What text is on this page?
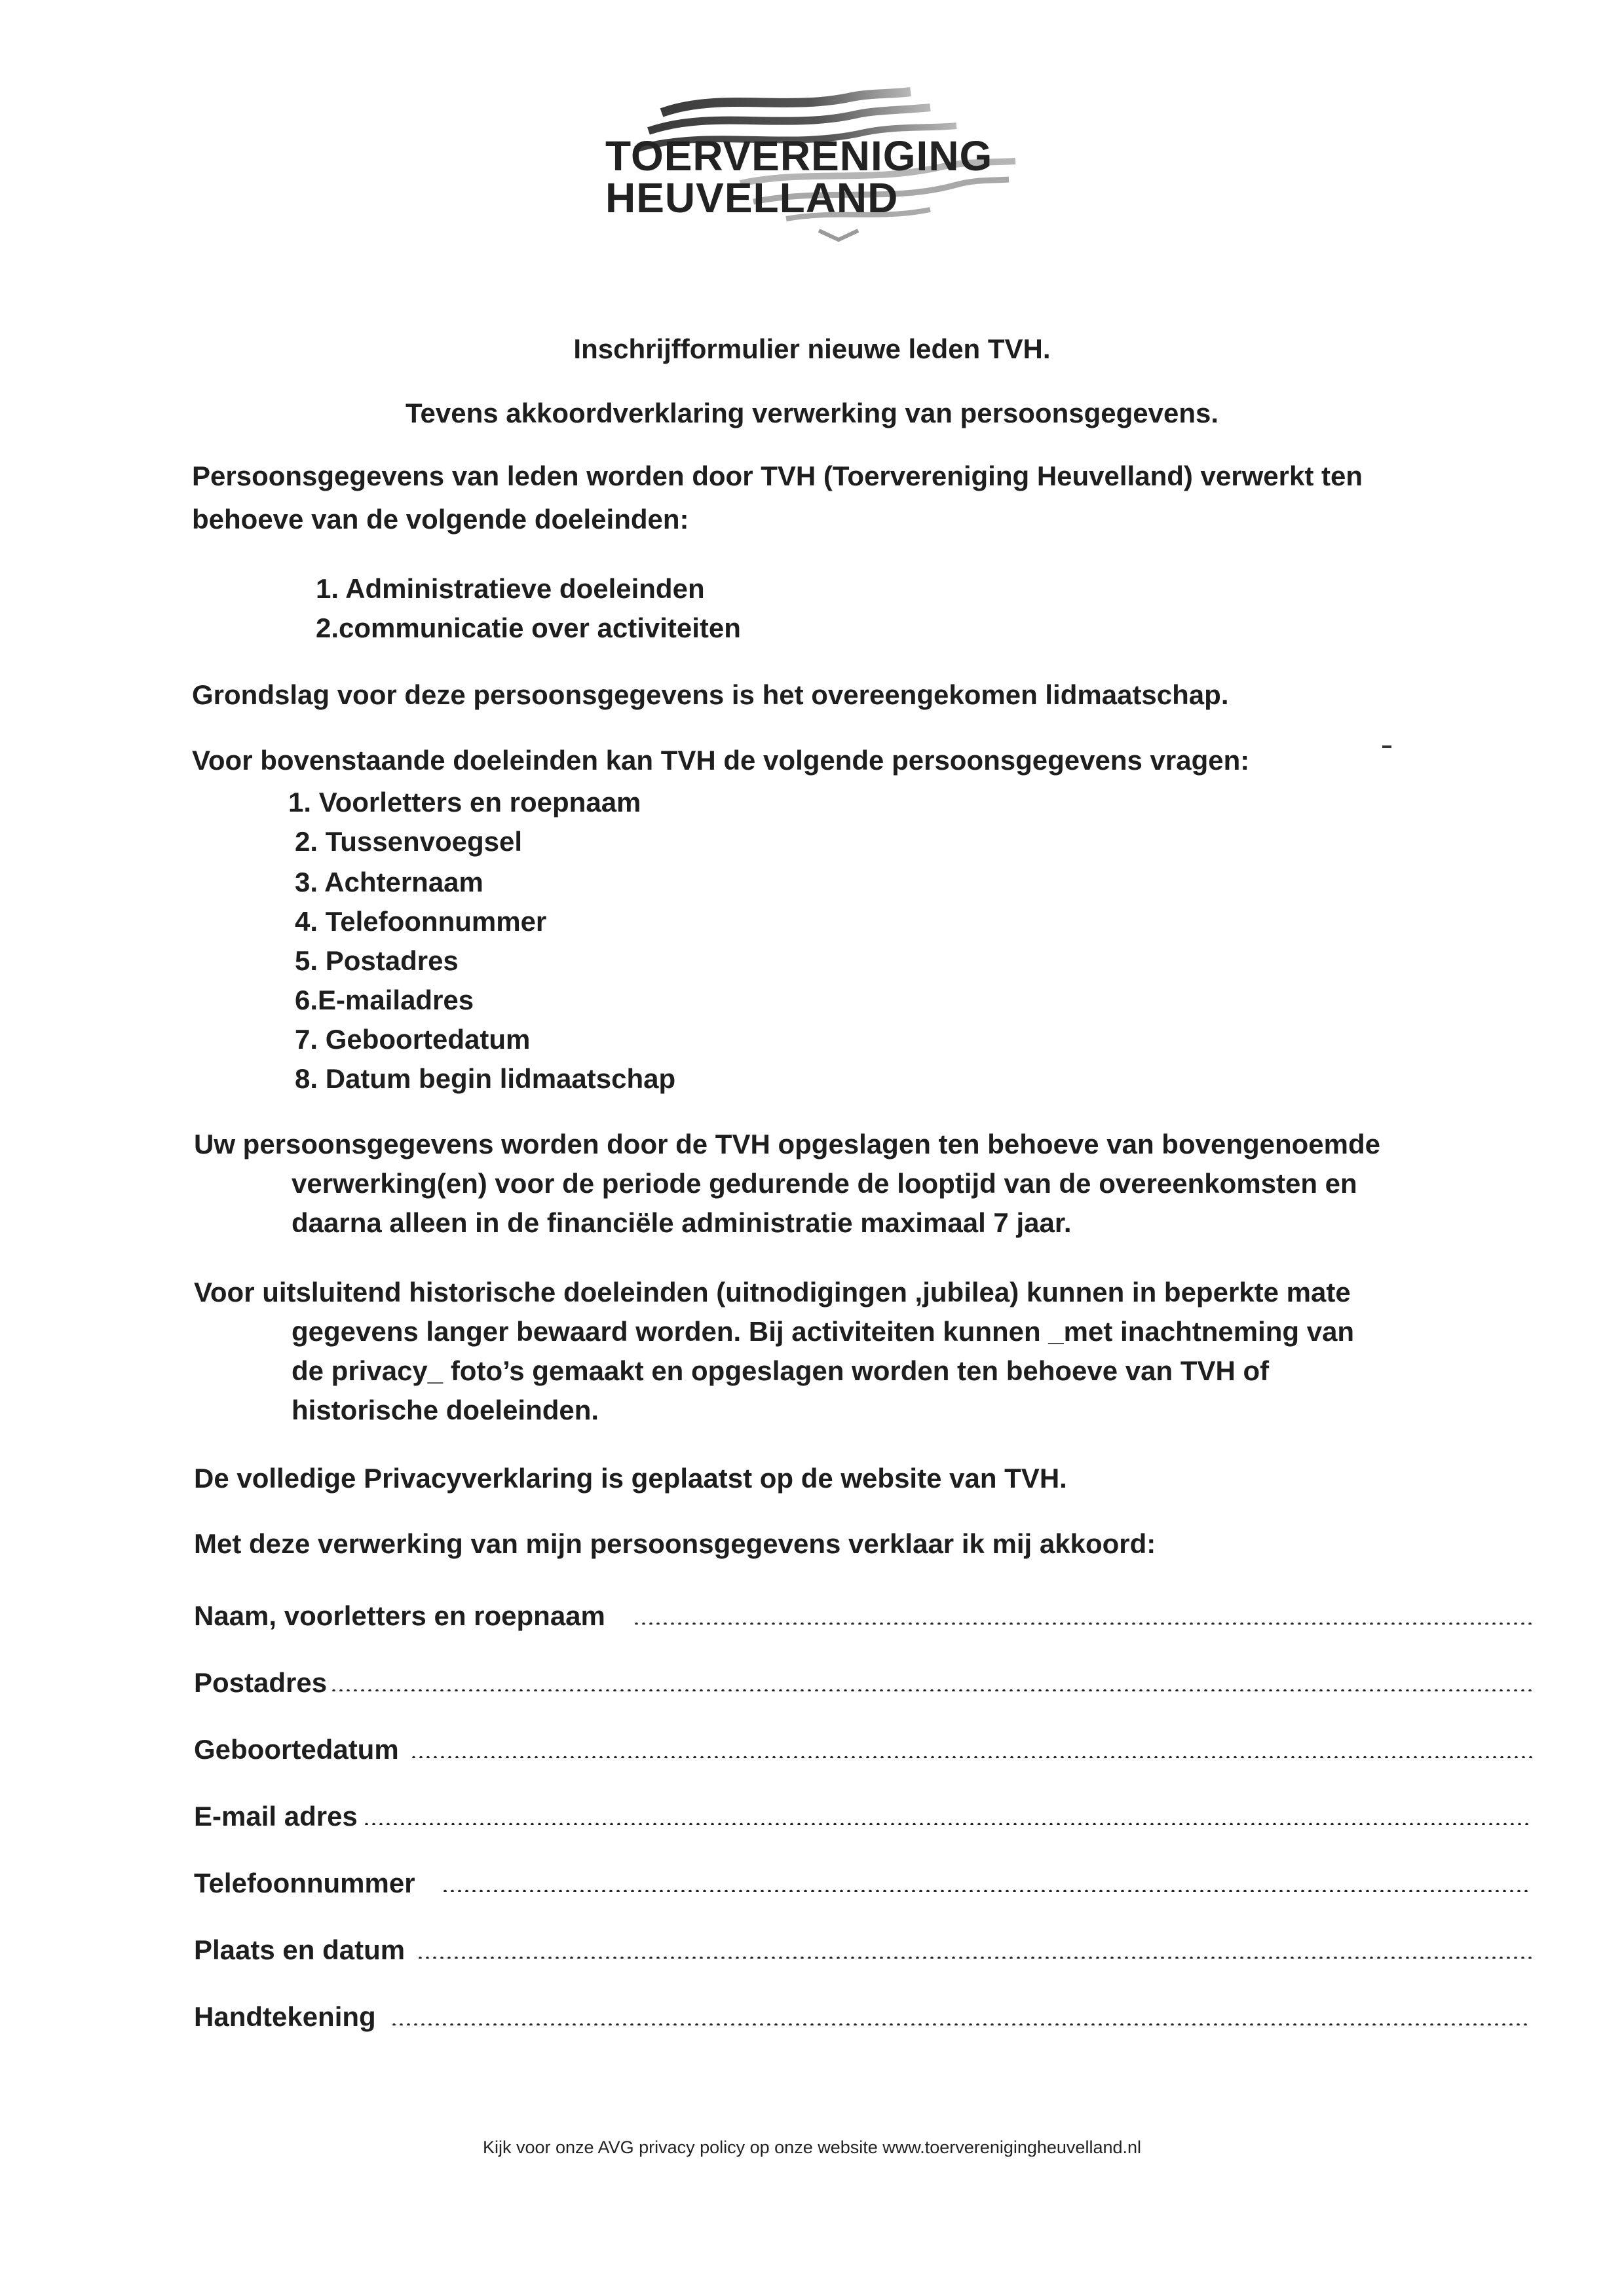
TOERVERENIGING
HEUVELLAND
Inschrijfformulier nieuwe leden TVH.
Tevens akkoordverklaring verwerking van persoonsgegevens.
Persoonsgegevens van leden worden door TVH (Toervereniging Heuvelland) verwerkt ten
behoeve van de volgende doeleinden:
1. Administratieve doeleinden
2.communicatie over activiteiten
Grondslag voor deze persoonsgegevens is het overeengekomen lidmaatschap.
Voor bovenstaande doeleinden kan TVH de volgende persoonsgegevens vragen:
1. Voorletters en roepnaam
2. Tussenvoegsel
3. Achternaam
4. Telefoonnummer
5. Postadres
6.E-mailadres
7. Geboortedatum
8. Datum begin lidmaatschap
Uw persoonsgegevens worden door de TVH opgeslagen ten behoeve van bovengenoemde
verwerking(en) voor de periode gedurende de looptijd van de overeenkomsten en
daarna alleen in de financiële administratie maximaal 7 jaar.
Voor uitsluitend historische doeleinden (uitnodigingen ,jubilea) kunnen in beperkte mate
gegevens langer bewaard worden. Bij activiteiten kunnen _met inachtneming van
de privacy_ foto’s gemaakt en opgeslagen worden ten behoeve van TVH of
historische doeleinden.
De volledige Privacyverklaring is geplaatst op de website van TVH.
Met deze verwerking van mijn persoonsgegevens verklaar ik mij akkoord:
Naam, voorletters en roepnaam
Postadres
Geboortedatum
E-mail adres
Telefoonnummer
Plaats en datum
Handtekening
Kijk voor onze AVG privacy policy op onze website www.toerverenigingheuvelland.nl
